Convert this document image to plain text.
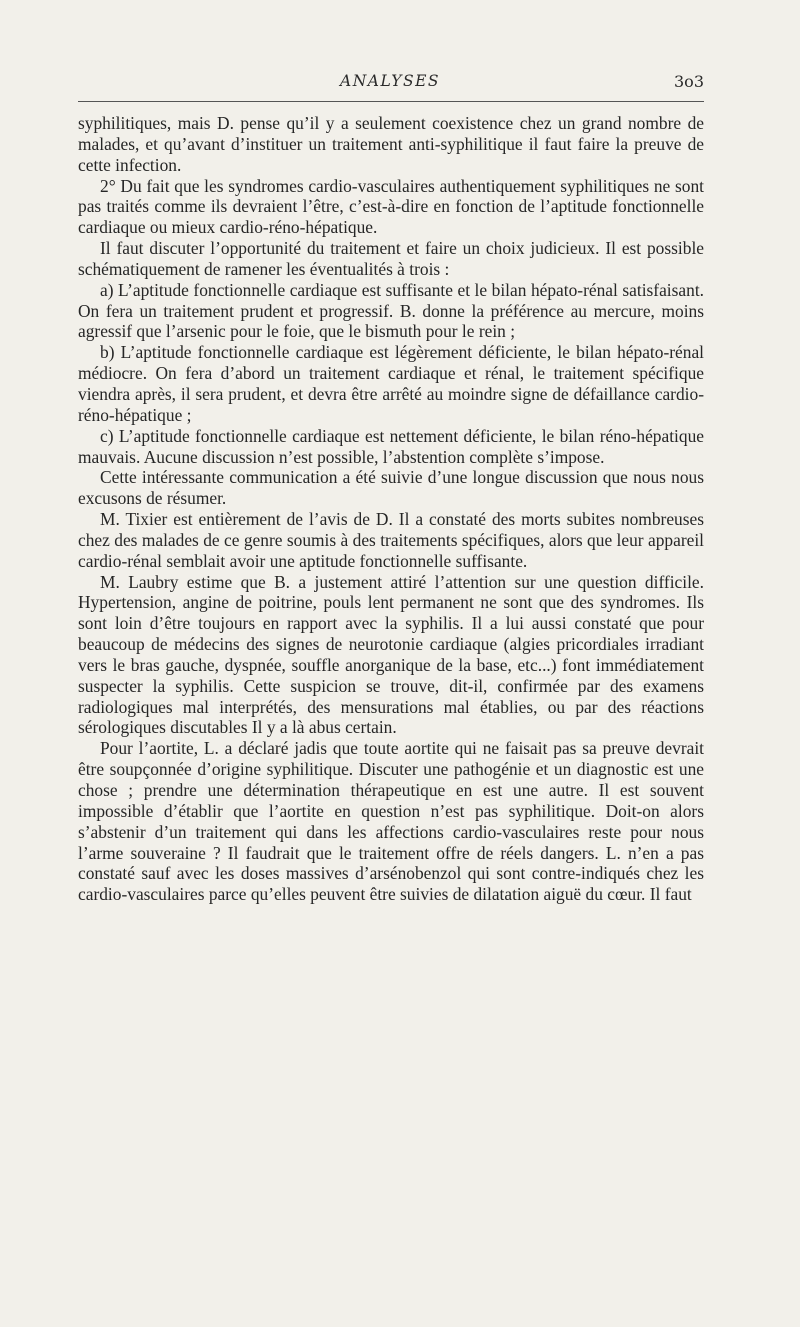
ANALYSES	3o3

syphilitiques, mais D. pense qu’il y a seulement coexistence chez un grand nombre de malades, et qu’avant d’instituer un traitement anti-syphilitique il faut faire la preuve de cette infection.

2° Du fait que les syndromes cardio-vasculaires authentiquement syphilitiques ne sont pas traités comme ils devraient l’être, c’est-à-dire en fonction de l’aptitude fonctionnelle cardiaque ou mieux cardio-réno-hépatique.

Il faut discuter l’opportunité du traitement et faire un choix judicieux. Il est possible schématiquement de ramener les éventualités à trois :

a) L’aptitude fonctionnelle cardiaque est suffisante et le bilan hépato-rénal satisfaisant. On fera un traitement prudent et progressif. B. donne la préférence au mercure, moins agressif que l’arsenic pour le foie, que le bismuth pour le rein ;

b) L’aptitude fonctionnelle cardiaque est légèrement déficiente, le bilan hépato-rénal médiocre. On fera d’abord un traitement cardiaque et rénal, le traitement spécifique viendra après, il sera prudent, et devra être arrêté au moindre signe de défaillance cardio-réno-hépatique ;

c) L’aptitude fonctionnelle cardiaque est nettement déficiente, le bilan réno-hépatique mauvais. Aucune discussion n’est possible, l’abstention complète s’impose.

Cette intéressante communication a été suivie d’une longue discussion que nous nous excusons de résumer.

M. Tixier est entièrement de l’avis de D. Il a constaté des morts subites nombreuses chez des malades de ce genre soumis à des traitements spécifiques, alors que leur appareil cardio-rénal semblait avoir une aptitude fonctionnelle suffisante.

M. Laubry estime que B. a justement attiré l’attention sur une question difficile. Hypertension, angine de poitrine, pouls lent permanent ne sont que des syndromes. Ils sont loin d’être toujours en rapport avec la syphilis. Il a lui aussi constaté que pour beaucoup de médecins des signes de neurotonie cardiaque (algies pricordiales irradiant vers le bras gauche, dyspnée, souffle anorganique de la base, etc...) font immédiatement suspecter la syphilis. Cette suspicion se trouve, dit-il, confirmée par des examens radiologiques mal interprétés, des mensurations mal établies, ou par des réactions sérologiques discutables Il y a là abus certain.

Pour l’aortite, L. a déclaré jadis que toute aortite qui ne faisait pas sa preuve devrait être soupçonnée d’origine syphilitique. Discuter une pathogénie et un diagnostic est une chose ; prendre une détermination thérapeutique en est une autre. Il est souvent impossible d’établir que l’aortite en question n’est pas syphilitique. Doit-on alors s’abstenir d’un traitement qui dans les affections cardio-vasculaires reste pour nous l’arme souveraine ? Il faudrait que le traitement offre de réels dangers. L. n’en a pas constaté sauf avec les doses massives d’arsénobenzol qui sont contre-indiqués chez les cardio-vasculaires parce qu’elles peuvent être suivies de dilatation aiguë du cœur. Il faut
